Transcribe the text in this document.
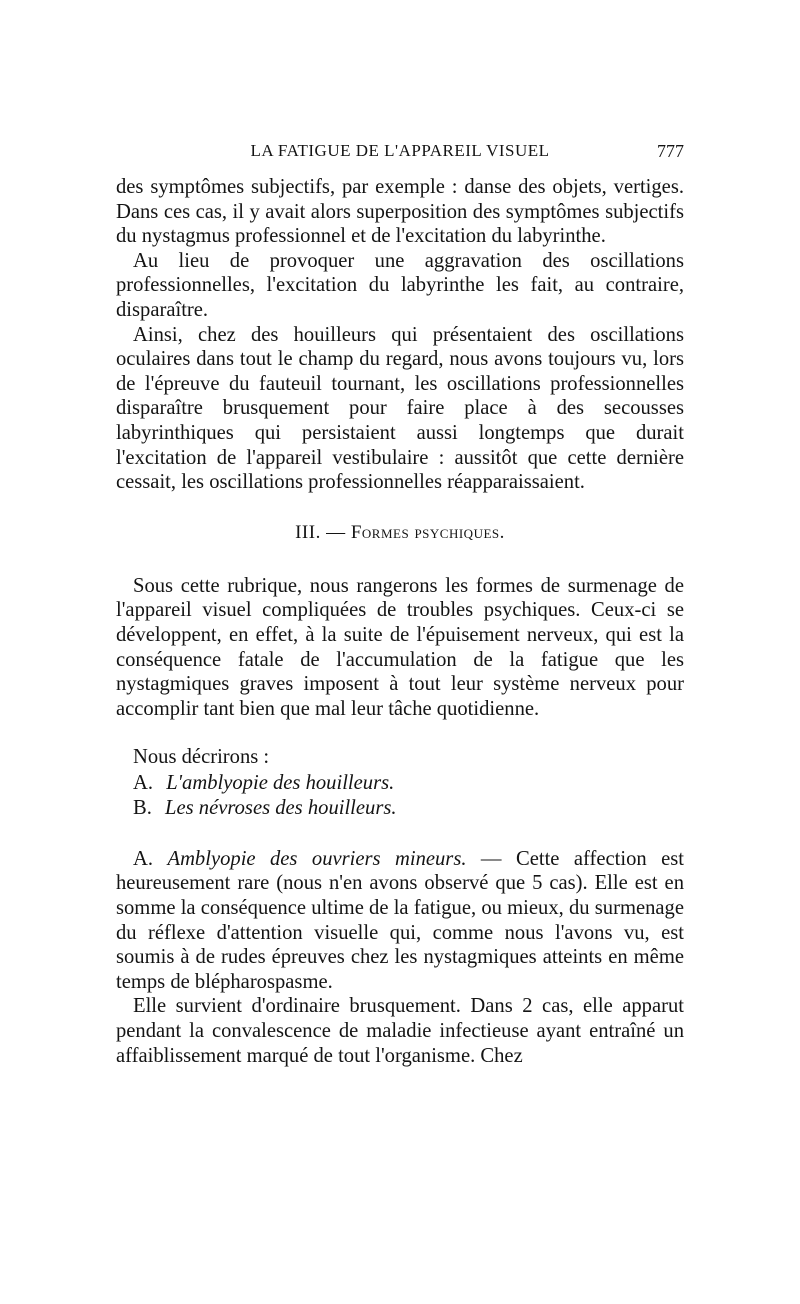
LA FATIGUE DE L'APPAREIL VISUEL	777

des symptômes subjectifs, par exemple : danse des objets, vertiges. Dans ces cas, il y avait alors superposition des symptômes subjectifs du nystagmus professionnel et de l'excitation du labyrinthe.

Au lieu de provoquer une aggravation des oscillations professionnelles, l'excitation du labyrinthe les fait, au contraire, disparaître.

Ainsi, chez des houilleurs qui présentaient des oscillations oculaires dans tout le champ du regard, nous avons toujours vu, lors de l'épreuve du fauteuil tournant, les oscillations professionnelles disparaître brusquement pour faire place à des secousses labyrinthiques qui persistaient aussi longtemps que durait l'excitation de l'appareil vestibulaire : aussitôt que cette dernière cessait, les oscillations professionnelles réapparaissaient.

III. — Formes psychiques.

Sous cette rubrique, nous rangerons les formes de surmenage de l'appareil visuel compliquées de troubles psychiques. Ceux-ci se développent, en effet, à la suite de l'épuisement nerveux, qui est la conséquence fatale de l'accumulation de la fatigue que les nystagmiques graves imposent à tout leur système nerveux pour accomplir tant bien que mal leur tâche quotidienne.

Nous décrirons :
A. L'amblyopie des houilleurs.
B. Les névroses des houilleurs.

A. Amblyopie des ouvriers mineurs. — Cette affection est heureusement rare (nous n'en avons observé que 5 cas). Elle est en somme la conséquence ultime de la fatigue, ou mieux, du surmenage du réflexe d'attention visuelle qui, comme nous l'avons vu, est soumis à de rudes épreuves chez les nystagmiques atteints en même temps de blépharospasme.

Elle survient d'ordinaire brusquement. Dans 2 cas, elle apparut pendant la convalescence de maladie infectieuse ayant entraîné un affaiblissement marqué de tout l'organisme. Chez
